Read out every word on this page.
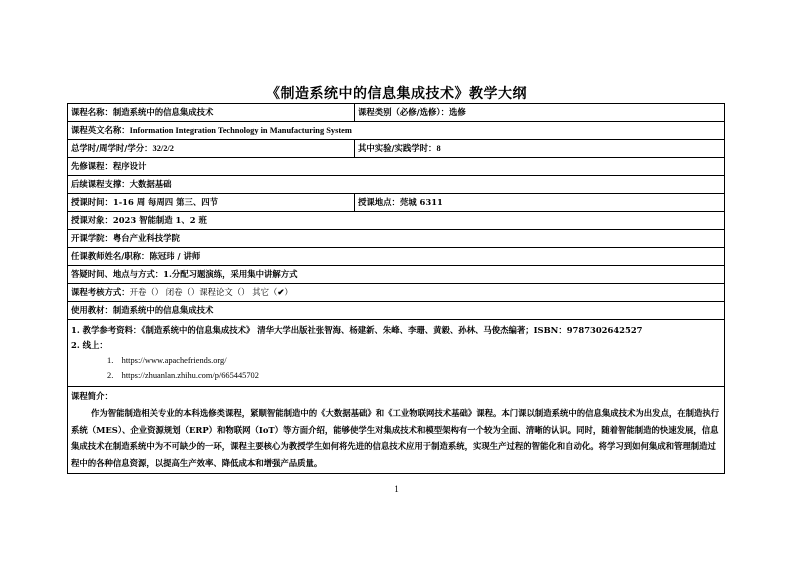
《制造系统中的信息集成技术》教学大纲
课程名称：制造系统中的信息集成技术	课程类别（必修/选修）：选修
课程英文名称：Information Integration Technology in Manufacturing System	
总学时/周学时/学分：32/2/2	其中实验/实践学时：8
先修课程：程序设计	
后续课程支撑：大数据基础	
授课时间：1-16 周 每周四 第三、四节	授课地点：莞城 6311
授课对象：2023 智能制造 1、2 班	
开课学院：粤台产业科技学院	
任课教师姓名/职称：陈冠玮 / 讲师	
答疑时间、地点与方式：1.分配习题演练，采用集中讲解方式	
课程考核方式：开卷（） 闭卷（）课程论文（） 其它（✔）	
使用教材：制造系统中的信息集成技术	

1. 教学参考资料：《制造系统中的信息集成技术》 清华大学出版社张智海、杨建新、朱峰、李珊、黄毅、孙林、马俊杰编著；ISBN：9787302642527
2. 线上：
1. https://www.apachefriends.org/
2. https://zhuanlan.zhihu.com/p/665445702	

课程简介：
作为智能制造相关专业的本科选修类课程，紧顺智能制造中的《大数据基础》和《工业物联网技术基础》课程。本门课以制造系统中的信息集成技术为出发点，在制造执行系统（MES）、企业资源规划（ERP）和物联网（IoT）等方面介绍，能够使学生对集成技术和模型架构有一个较为全面、清晰的认识。同时，随着智能制造的快速发展，信息集成技术在制造系统中为不可缺少的一环，课程主要核心为教授学生如何将先进的信息技术应用于制造系统，实现生产过程的智能化和自动化。将学习到如何集成和管理制造过程中的各种信息资源，以提高生产效率、降低成本和增强产品质量。	
1
